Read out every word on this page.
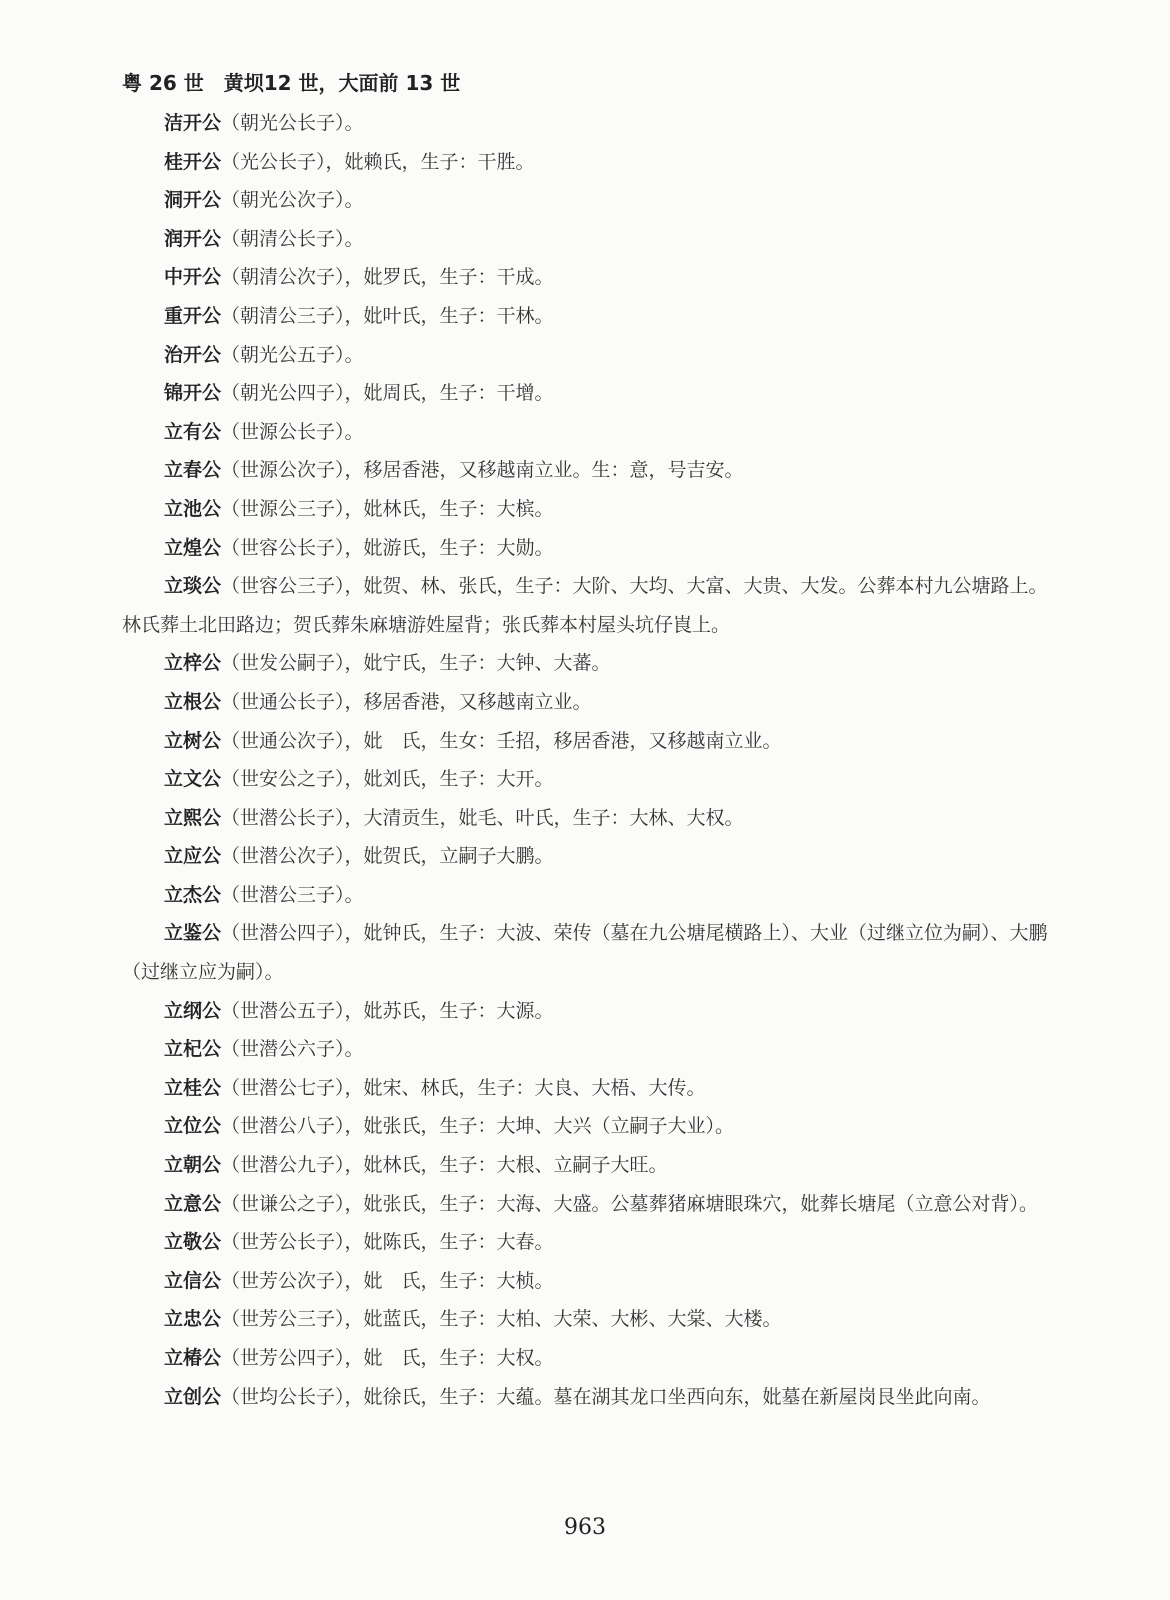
粤 26 世　黄坝12 世，大面前 13 世

洁开公（朝光公长子）。

桂开公（光公长子），妣赖氏，生子：干胜。

洞开公（朝光公次子）。

润开公（朝清公长子）。

中开公（朝清公次子），妣罗氏，生子：干成。

重开公（朝清公三子），妣叶氏，生子：干林。

治开公（朝光公五子）。

锦开公（朝光公四子），妣周氏，生子：干增。

立有公（世源公长子）。

立春公（世源公次子），移居香港，又移越南立业。生：意，号吉安。

立池公（世源公三子），妣林氏，生子：大槟。

立煌公（世容公长子），妣游氏，生子：大勋。

立琰公（世容公三子），妣贺、林、张氏，生子：大阶、大均、大富、大贵、大发。公葬本村九公塘路上。林氏葬土北田路边；贺氏葬朱麻塘游姓屋背；张氏葬本村屋头坑仔崀上。

立梓公（世发公嗣子），妣宁氏，生子：大钟、大蕃。

立根公（世通公长子），移居香港，又移越南立业。

立树公（世通公次子），妣　氏，生女：壬招，移居香港，又移越南立业。

立文公（世安公之子），妣刘氏，生子：大开。

立熙公（世潜公长子），大清贡生，妣毛、叶氏，生子：大林、大权。

立应公（世潜公次子），妣贺氏，立嗣子大鹏。

立杰公（世潜公三子）。

立鉴公（世潜公四子），妣钟氏，生子：大波、荣传（墓在九公塘尾横路上）、大业（过继立位为嗣）、大鹏（过继立应为嗣）。

立纲公（世潜公五子），妣苏氏，生子：大源。

立杞公（世潜公六子）。

立桂公（世潜公七子），妣宋、林氏，生子：大良、大梧、大传。

立位公（世潜公八子），妣张氏，生子：大坤、大兴（立嗣子大业）。

立朝公（世潜公九子），妣林氏，生子：大根、立嗣子大旺。

立意公（世谦公之子），妣张氏，生子：大海、大盛。公墓葬猪麻塘眼珠穴，妣葬长塘尾（立意公对背）。

立敬公（世芳公长子），妣陈氏，生子：大春。

立信公（世芳公次子），妣　氏，生子：大桢。

立忠公（世芳公三子），妣蓝氏，生子：大柏、大荣、大彬、大棠、大楼。

立椿公（世芳公四子），妣　氏，生子：大权。

立创公（世均公长子），妣徐氏，生子：大蕴。墓在湖其龙口坐西向东，妣墓在新屋岗艮坐此向南。

963
